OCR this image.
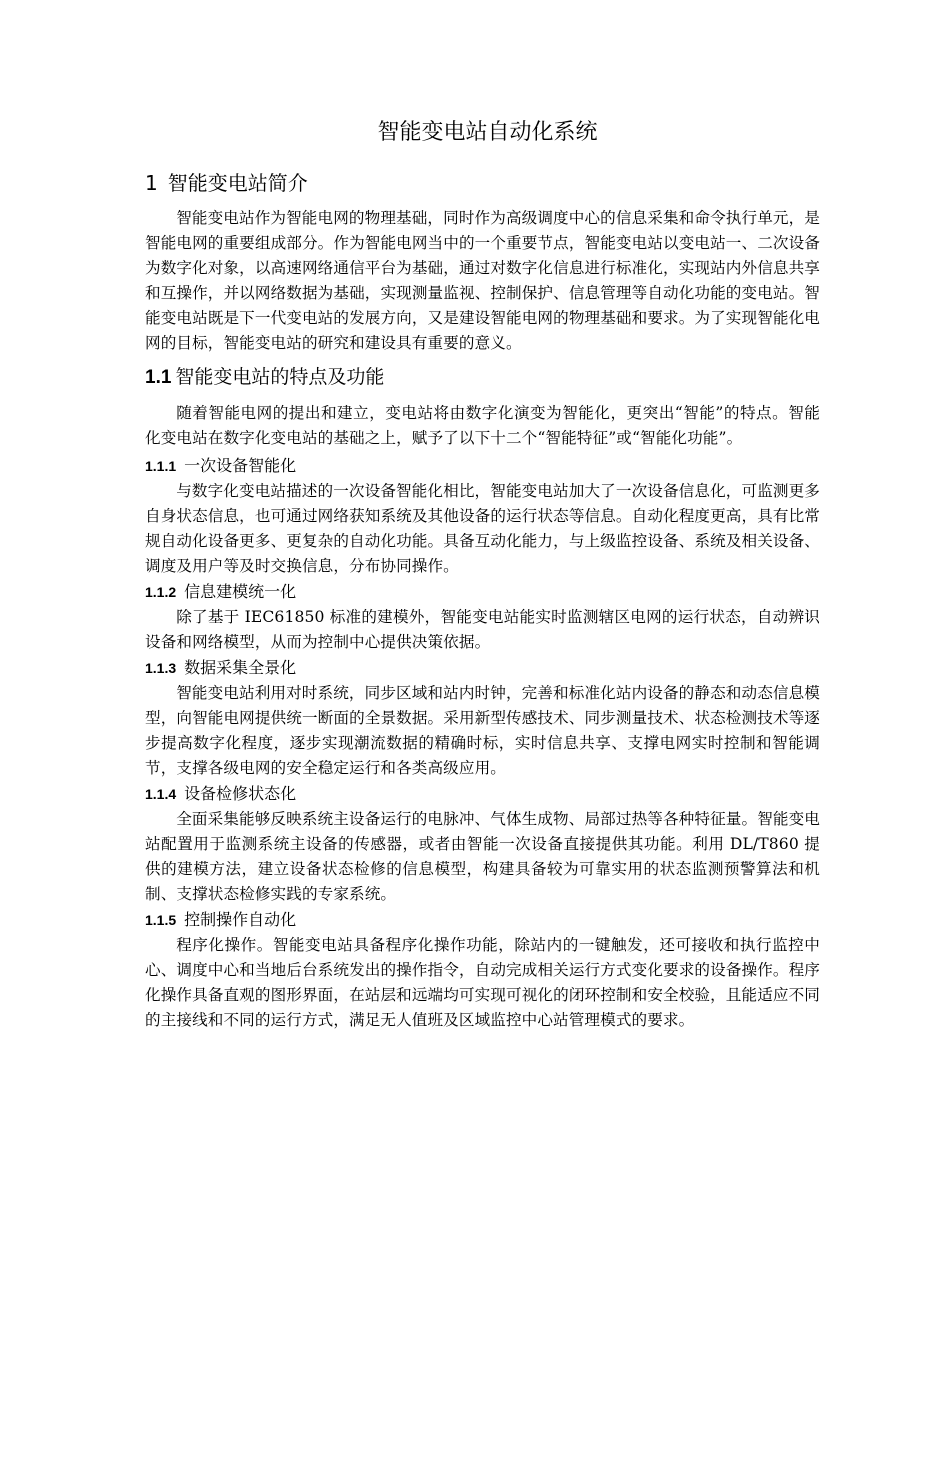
智能变电站自动化系统
1 智能变电站简介

智能变电站作为智能电网的物理基础，同时作为高级调度中心的信息采集和命令执行单元，是智能电网的重要组成部分。作为智能电网当中的一个重要节点，智能变电站以变电站一、二次设备为数字化对象，以高速网络通信平台为基础，通过对数字化信息进行标准化，实现站内外信息共享和互操作，并以网络数据为基础，实现测量监视、控制保护、信息管理等自动化功能的变电站。智能变电站既是下一代变电站的发展方向，又是建设智能电网的物理基础和要求。为了实现智能化电网的目标，智能变电站的研究和建设具有重要的意义。

1.1 智能变电站的特点及功能

随着智能电网的提出和建立，变电站将由数字化演变为智能化，更突出“智能”的特点。智能化变电站在数字化变电站的基础之上，赋予了以下十二个“智能特征”或“智能化功能”。

1.1.1 一次设备智能化

与数字化变电站描述的一次设备智能化相比，智能变电站加大了一次设备信息化，可监测更多自身状态信息，也可通过网络获知系统及其他设备的运行状态等信息。自动化程度更高，具有比常规自动化设备更多、更复杂的自动化功能。具备互动化能力，与上级监控设备、系统及相关设备、调度及用户等及时交换信息，分布协同操作。

1.1.2 信息建模统一化

除了基于 IEC61850 标准的建模外，智能变电站能实时监测辖区电网的运行状态，自动辨识设备和网络模型，从而为控制中心提供决策依据。

1.1.3 数据采集全景化

智能变电站利用对时系统，同步区域和站内时钟，完善和标准化站内设备的静态和动态信息模型，向智能电网提供统一断面的全景数据。采用新型传感技术、同步测量技术、状态检测技术等逐步提高数字化程度，逐步实现潮流数据的精确时标，实时信息共享、支撑电网实时控制和智能调节，支撑各级电网的安全稳定运行和各类高级应用。

1.1.4 设备检修状态化

全面采集能够反映系统主设备运行的电脉冲、气体生成物、局部过热等各种特征量。智能变电站配置用于监测系统主设备的传感器，或者由智能一次设备直接提供其功能。利用 DL/T860 提供的建模方法，建立设备状态检修的信息模型，构建具备较为可靠实用的状态监测预警算法和机制、支撑状态检修实践的专家系统。

1.1.5 控制操作自动化

程序化操作。智能变电站具备程序化操作功能，除站内的一键触发，还可接收和执行监控中心、调度中心和当地后台系统发出的操作指令，自动完成相关运行方式变化要求的设备操作。程序化操作具备直观的图形界面，在站层和远端均可实现可视化的闭环控制和安全校验，且能适应不同的主接线和不同的运行方式，满足无人值班及区域监控中心站管理模式的要求。
